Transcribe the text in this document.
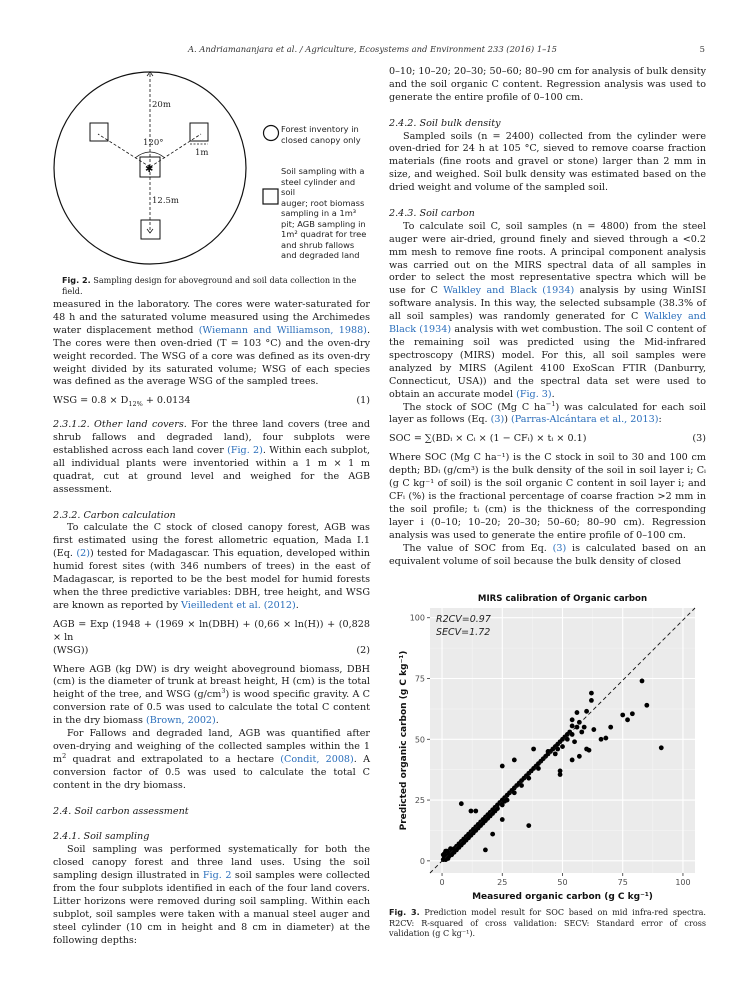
A. Andriamananjara et al. / Agriculture, Ecosystems and Environment 233 (2016) 1–15	5
✱
20m
120°
1m
12.5m
Forest inventory in
closed canopy only
Soil sampling with a
steel cylinder and soil
auger; root biomass
sampling in a 1m³
pit; AGB sampling in
1m² quadrat for tree
and shrub fallows
and degraded land
Fig. 2. Sampling design for aboveground and soil data collection in the field.

measured in the laboratory. The cores were water-saturated for 48 h and the saturated volume measured using the Archimedes water displacement method (Wiemann and Williamson, 1988). The cores were then oven-dried (T = 103 °C) and the oven-dry weight recorded. The WSG of a core was defined as its oven-dry weight divided by its saturated volume; WSG of each species was defined as the average WSG of the sampled trees.

WSG = $0.8 \times D_{12\%} + 0.0134$	(1)

2.3.1.2. Other land covers. For the three land covers (tree and shrub fallows and degraded land), four subplots were established across each land cover (Fig. 2). Within each subplot, all individual plants were inventoried within a 1 m × 1 m quadrat, cut at ground level and weighed for the AGB assessment.

2.3.2. Carbon calculation

To calculate the C stock of closed canopy forest, AGB was first estimated using the forest allometric equation, Mada I.1 (Eq. (2)) tested for Madagascar. This equation, developed within humid forest sites (with 346 numbers of trees) in the east of Madagascar, is reported to be the best model for humid forests when the three predictive variables: DBH, tree height, and WSG are known as reported by Vieilledent et al. (2012).

AGB = Exp (1948 + (1969 × ln(DBH) + (0,66 × ln(H)) + (0,828 × ln
(WSG))	(2)

Where AGB (kg DW) is dry weight aboveground biomass, DBH (cm) is the diameter of trunk at breast height, H (cm) is the total height of the tree, and WSG $(g/cm^3)$ is wood specific gravity. A C conversion rate of 0.5 was used to calculate the total C content in the dry biomass (Brown, 2002).

For Fallows and degraded land, AGB was quantified after oven-drying and weighing of the collected samples within the 1 $m^2$ quadrat and extrapolated to a hectare (Condit, 2008). A conversion factor of 0.5 was used to calculate the total C content in the dry biomass.

2.4. Soil carbon assessment
2.4.1. Soil sampling

Soil sampling was performed systematically for both the closed canopy forest and three land uses. Using the soil sampling design illustrated in Fig. 2 soil samples were collected from the four subplots identified in each of the four land covers. Litter horizons were removed during soil sampling. Within each subplot, soil samples were taken with a manual steel auger and steel cylinder (10 cm in height and 8 cm in diameter) at the following depths:

0–10; 10–20; 20–30; 50–60; 80–90 cm for analysis of bulk density and the soil organic C content. Regression analysis was used to generate the entire profile of 0–100 cm.

2.4.2. Soil bulk density

Sampled soils (n = 2400) collected from the cylinder were oven-dried for 24 h at 105 °C, sieved to remove coarse fraction materials (fine roots and gravel or stone) larger than 2 mm in size, and weighed. Soil bulk density was estimated based on the dried weight and volume of the sampled soil.

2.4.3. Soil carbon

To calculate soil C, soil samples (n = 4800) from the steel auger were air-dried, ground finely and sieved through a <0.2 mm mesh to remove fine roots. A principal component analysis was carried out on the MIRS spectral data of all samples in order to select the most representative spectra which will be use for C Walkley and Black (1934) analysis by using WinISI software analysis. In this way, the selected subsample (38.3% of all soil samples) was randomly generated for C Walkley and Black (1934) analysis with wet combustion. The soil C content of the remaining soil was predicted using the Mid-infrared spectroscopy (MIRS) model. For this, all soil samples were analyzed by MIRS (Agilent 4100 ExoScan FTIR (Danburry, Connecticut, USA)) and the spectral data set were used to obtain an accurate model (Fig. 3).

The stock of SOC (Mg C $ha^{-1}$) was calculated for each soil layer as follows (Eq. (3)) (Parras-Alcántara et al., 2013):

SOC = ∑(BDᵢ × Cᵢ × (1 − CFᵢ) × tᵢ × 0.1)	(3)

Where SOC (Mg C ha⁻¹) is the C stock in soil to 30 and 100 cm depth; BDᵢ (g/cm³) is the bulk density of the soil in soil layer i; Cᵢ (g C kg⁻¹ of soil) is the soil organic C content in soil layer i; and CFᵢ (%) is the fractional percentage of coarse fraction >2 mm in the soil profile; tᵢ (cm) is the thickness of the corresponding layer i (0–10; 10–20; 20–30; 50–60; 80–90 cm). Regression analysis was used to generate the entire profile of 0–100 cm.

The value of SOC from Eq. (3) is calculated based on an equivalent volume of soil because the bulk density of closed

0	25	50	75	100
0
25
50
75
100
MIRS calibration of Organic carbon
R2CV=0.97
SECV=1.72
Measured organic carbon (g C kg⁻¹)
Predicted organic carbon (g C kg⁻¹)
Fig. 3. Prediction model result for SOC based on mid infra-red spectra. R2CV: R-squared of cross validation: SECV: Standard error of cross validation (g C kg⁻¹).
